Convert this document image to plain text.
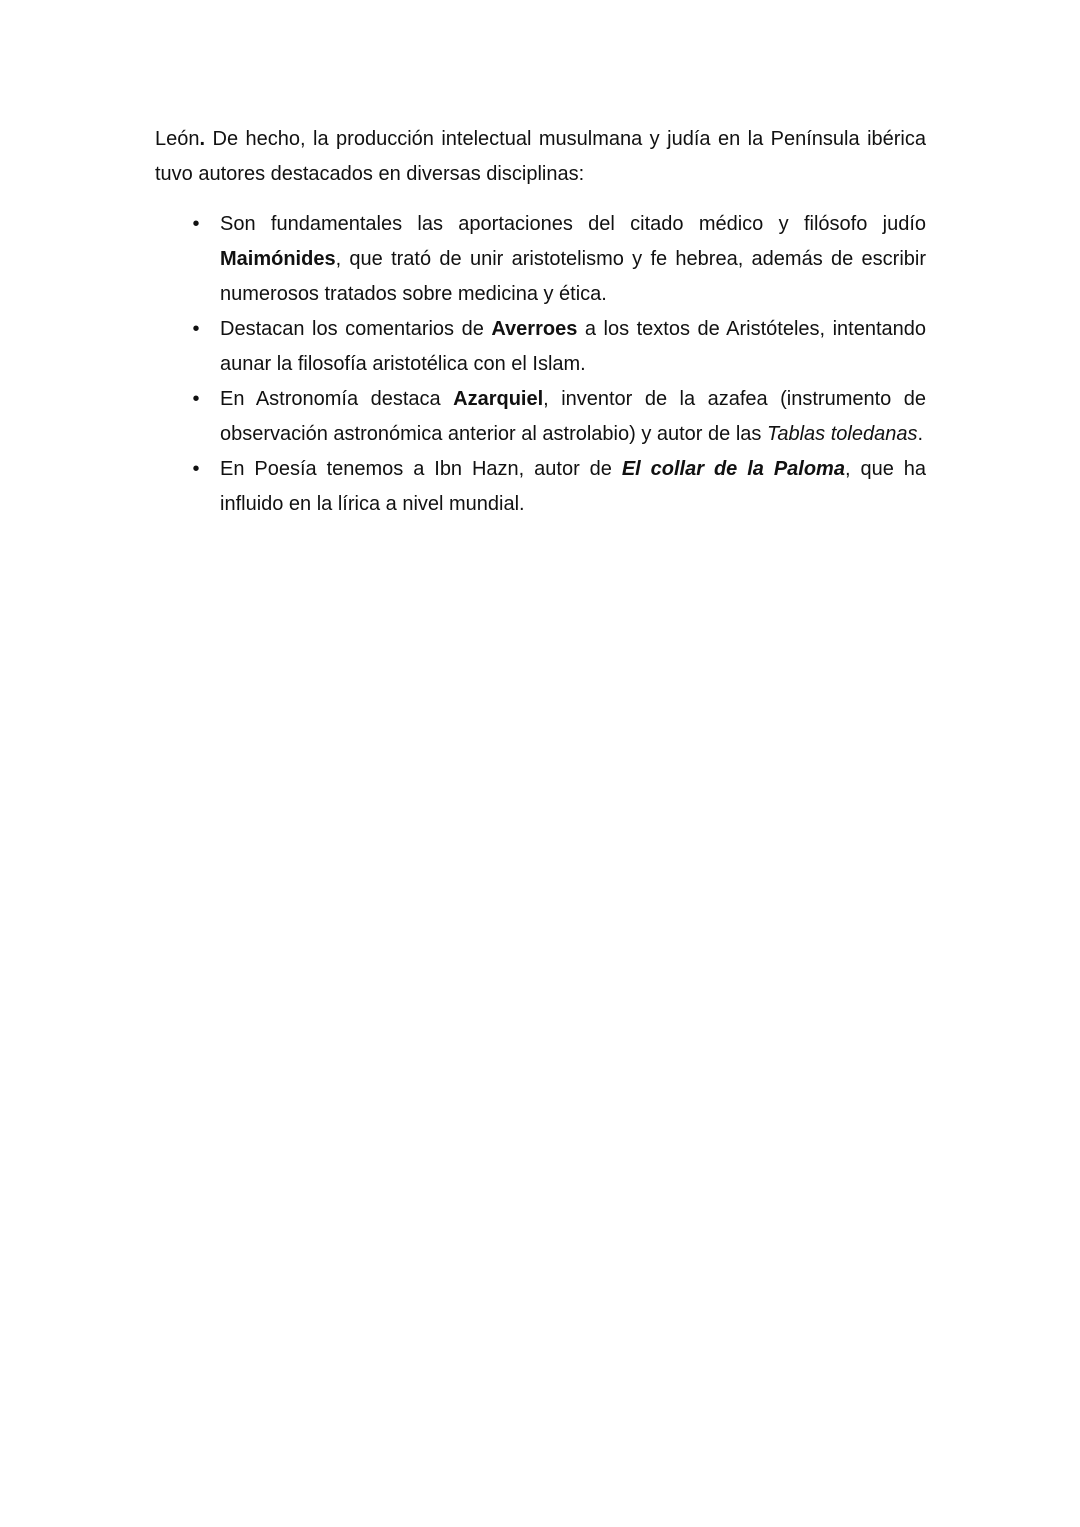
León. De hecho, la producción intelectual musulmana y judía en la Península ibérica tuvo autores destacados en diversas disciplinas:

•	Son fundamentales las aportaciones del citado médico y filósofo judío Maimónides, que trató de unir aristotelismo y fe hebrea, además de escribir numerosos tratados sobre medicina y ética.
•	Destacan los comentarios de Averroes a los textos de Aristóteles, intentando aunar la filosofía aristotélica con el Islam.
•	En Astronomía destaca Azarquiel, inventor de la azafea (instrumento de observación astronómica anterior al astrolabio) y autor de las Tablas toledanas.
•	En Poesía tenemos a Ibn Hazn, autor de El collar de la Paloma, que ha influido en la lírica a nivel mundial.
